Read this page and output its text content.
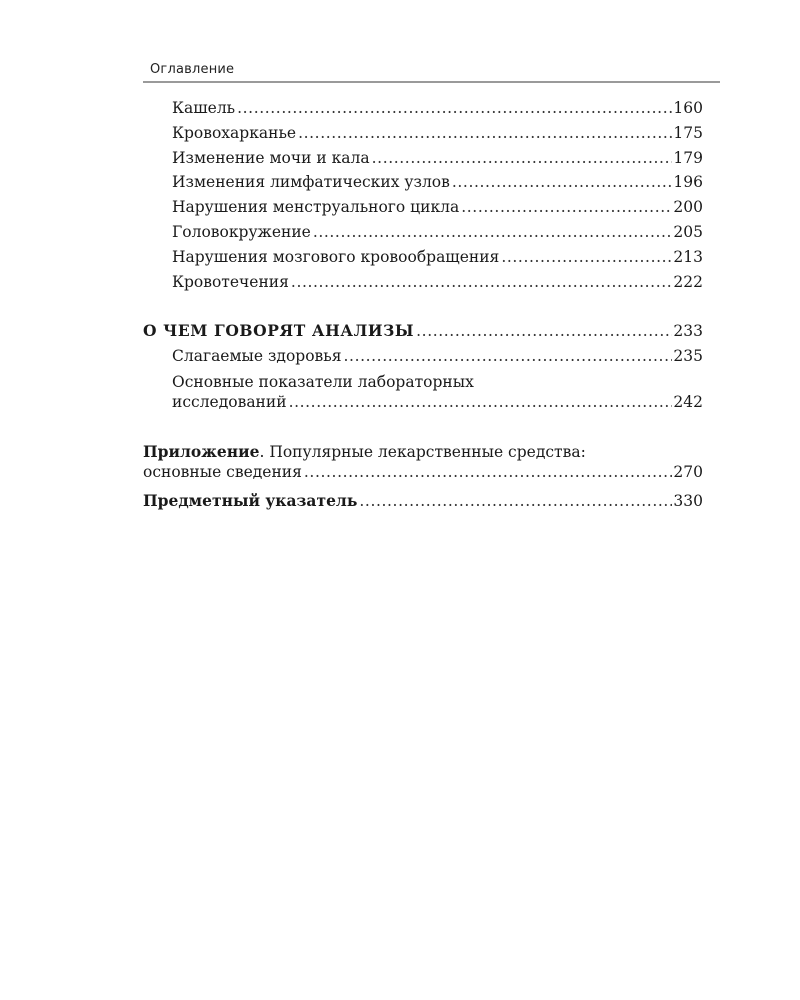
Оглавление
Кашель .....	160
Кровохарканье .....	175
Изменение мочи и кала .....	179
Изменения лимфатических узлов .....	196
Нарушения менструального цикла .....	200
Головокружение .....	205
Нарушения мозгового кровообращения .....	213
Кровотечения .....	222
О ЧЕМ ГОВОРЯТ АНАЛИЗЫ .....	233
Слагаемые здоровья .....	235
Основные показатели лабораторных
исследований .....	242
Приложение. Популярные лекарственные средства:
основные сведения .....	270
Предметный указатель .....	330
